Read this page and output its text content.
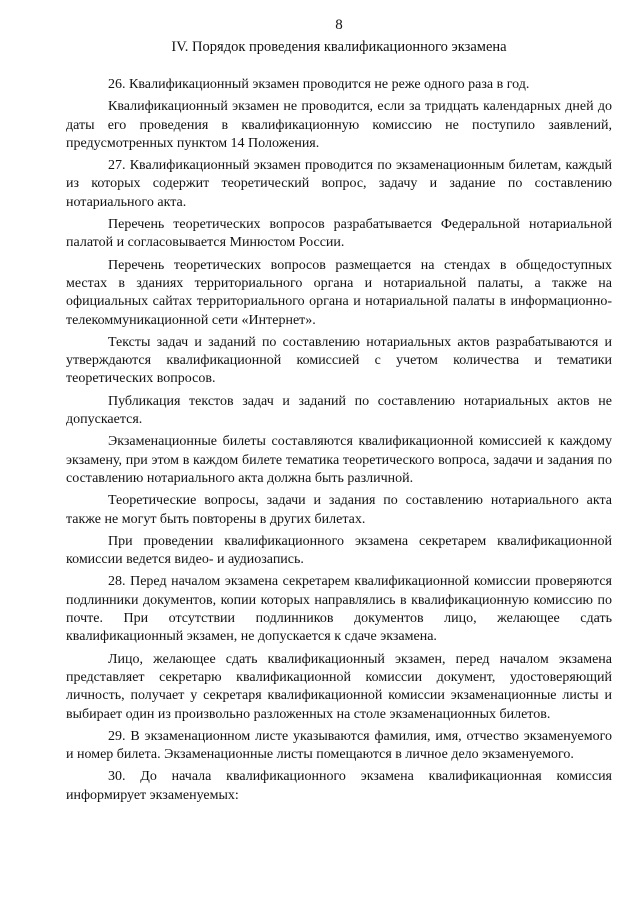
8
IV. Порядок проведения квалификационного экзамена

26. Квалификационный экзамен проводится не реже одного раза в год.

Квалификационный экзамен не проводится, если за тридцать календарных дней до даты его проведения в квалификационную комиссию не поступило заявлений, предусмотренных пунктом 14 Положения.

27. Квалификационный экзамен проводится по экзаменационным билетам, каждый из которых содержит теоретический вопрос, задачу и задание по составлению нотариального акта.

Перечень теоретических вопросов разрабатывается Федеральной нотариальной палатой и согласовывается Минюстом России.

Перечень теоретических вопросов размещается на стендах в общедоступных местах в зданиях территориального органа и нотариальной палаты, а также на официальных сайтах территориального органа и нотариальной палаты в информационно-телекоммуникационной сети «Интернет».

Тексты задач и заданий по составлению нотариальных актов разрабатываются и утверждаются квалификационной комиссией с учетом количества и тематики теоретических вопросов.

Публикация текстов задач и заданий по составлению нотариальных актов не допускается.

Экзаменационные билеты составляются квалификационной комиссией к каждому экзамену, при этом в каждом билете тематика теоретического вопроса, задачи и задания по составлению нотариального акта должна быть различной.

Теоретические вопросы, задачи и задания по составлению нотариального акта также не могут быть повторены в других билетах.

При проведении квалификационного экзамена секретарем квалификационной комиссии ведется видео- и аудиозапись.

28. Перед началом экзамена секретарем квалификационной комиссии проверяются подлинники документов, копии которых направлялись в квалификационную комиссию по почте. При отсутствии подлинников документов лицо, желающее сдать квалификационный экзамен, не допускается к сдаче экзамена.

Лицо, желающее сдать квалификационный экзамен, перед началом экзамена представляет секретарю квалификационной комиссии документ, удостоверяющий личность, получает у секретаря квалификационной комиссии экзаменационные листы и выбирает один из произвольно разложенных на столе экзаменационных билетов.

29. В экзаменационном листе указываются фамилия, имя, отчество экзаменуемого и номер билета. Экзаменационные листы помещаются в личное дело экзаменуемого.

30. До начала квалификационного экзамена квалификационная комиссия информирует экзаменуемых:
